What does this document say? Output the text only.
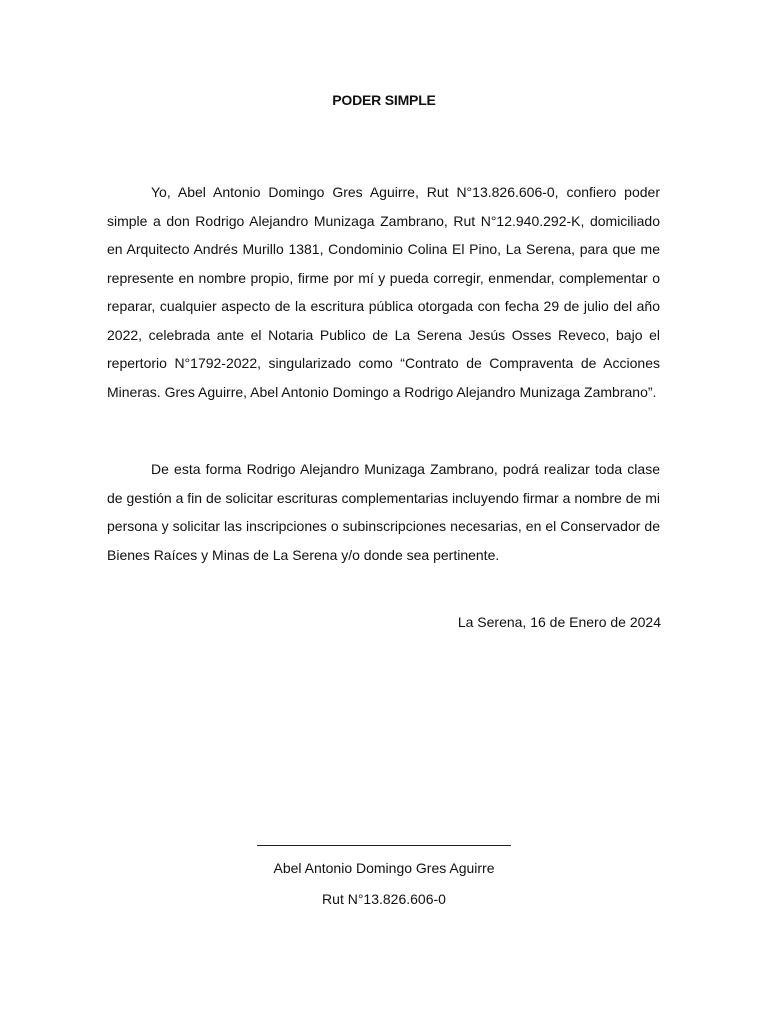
PODER SIMPLE

Yo, Abel Antonio Domingo Gres Aguirre, Rut N°13.826.606-0, confiero poder simple a don Rodrigo Alejandro Munizaga Zambrano, Rut N°12.940.292-K, domiciliado en Arquitecto Andrés Murillo 1381, Condominio Colina El Pino, La Serena, para que me represente en nombre propio, firme por mí y pueda corregir, enmendar, complementar o reparar, cualquier aspecto de la escritura pública otorgada con fecha 29 de julio del año 2022, celebrada ante el Notaria Publico de La Serena Jesús Osses Reveco, bajo el repertorio N°1792-2022, singularizado como “Contrato de Compraventa de Acciones Mineras. Gres Aguirre, Abel Antonio Domingo a Rodrigo Alejandro Munizaga Zambrano”.

De esta forma Rodrigo Alejandro Munizaga Zambrano, podrá realizar toda clase de gestión a fin de solicitar escrituras complementarias incluyendo firmar a nombre de mi persona y solicitar las inscripciones o subinscripciones necesarias, en el Conservador de Bienes Raíces y Minas de La Serena y/o donde sea pertinente.

La Serena, 16 de Enero de 2024
Abel Antonio Domingo Gres Aguirre
Rut N°13.826.606-0
